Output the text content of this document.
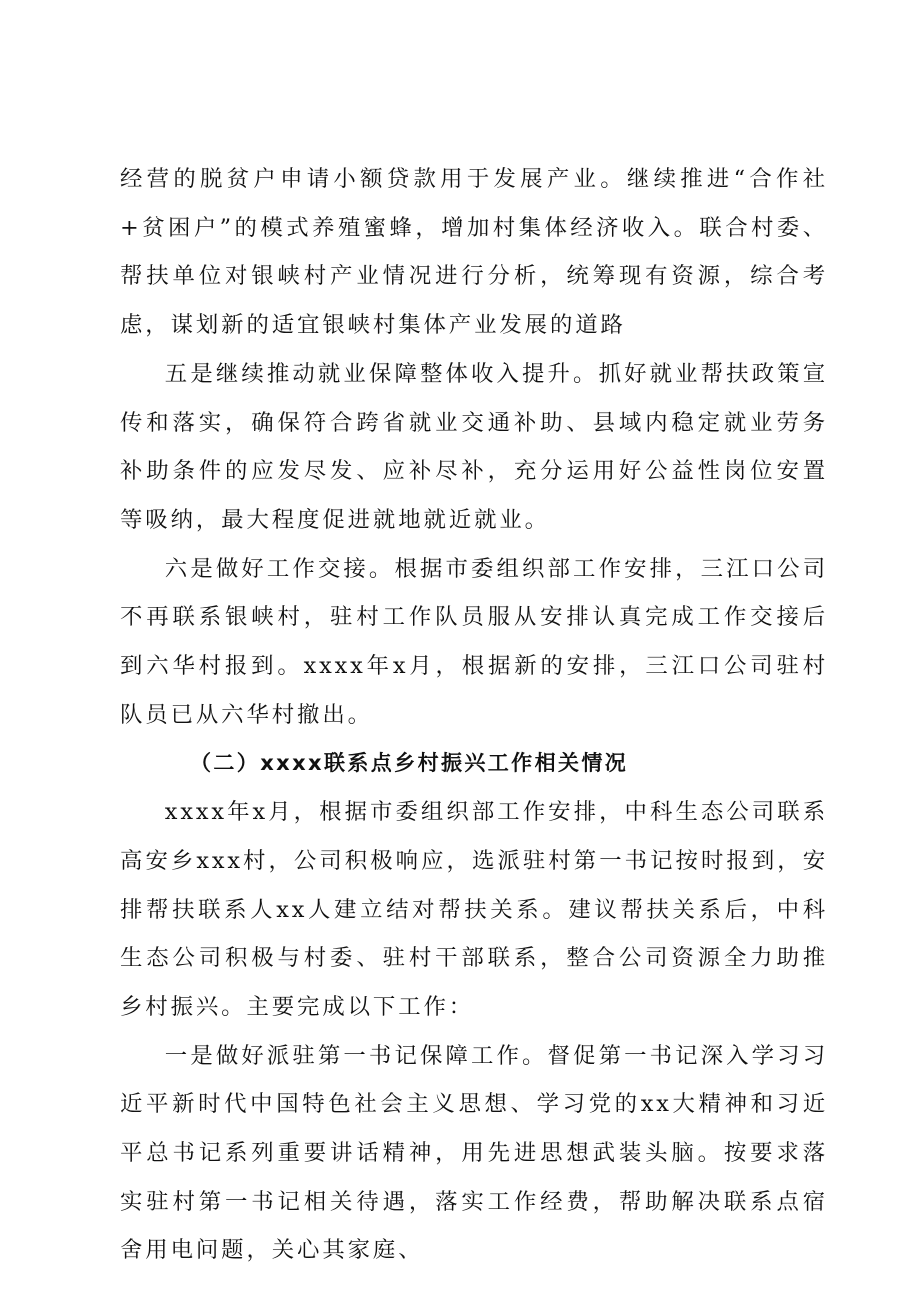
经营的脱贫户申请小额贷款用于发展产业。继续推进“合作社+贫困户”的模式养殖蜜蜂，增加村集体经济收入。联合村委、帮扶单位对银峡村产业情况进行分析，统筹现有资源，综合考虑，谋划新的适宜银峡村集体产业发展的道路

五是继续推动就业保障整体收入提升。抓好就业帮扶政策宣传和落实，确保符合跨省就业交通补助、县域内稳定就业劳务补助条件的应发尽发、应补尽补，充分运用好公益性岗位安置等吸纳，最大程度促进就地就近就业。

六是做好工作交接。根据市委组织部工作安排，三江口公司不再联系银峡村，驻村工作队员服从安排认真完成工作交接后到六华村报到。xxxx年x月，根据新的安排，三江口公司驻村队员已从六华村撤出。

（二）xxxx联系点乡村振兴工作相关情况

xxxx年x月，根据市委组织部工作安排，中科生态公司联系高安乡xxx村，公司积极响应，选派驻村第一书记按时报到，安排帮扶联系人xx人建立结对帮扶关系。建议帮扶关系后，中科生态公司积极与村委、驻村干部联系，整合公司资源全力助推乡村振兴。主要完成以下工作：

一是做好派驻第一书记保障工作。督促第一书记深入学习习近平新时代中国特色社会主义思想、学习党的xx大精神和习近平总书记系列重要讲话精神，用先进思想武装头脑。按要求落实驻村第一书记相关待遇，落实工作经费，帮助解决联系点宿舍用电问题，关心其家庭、
